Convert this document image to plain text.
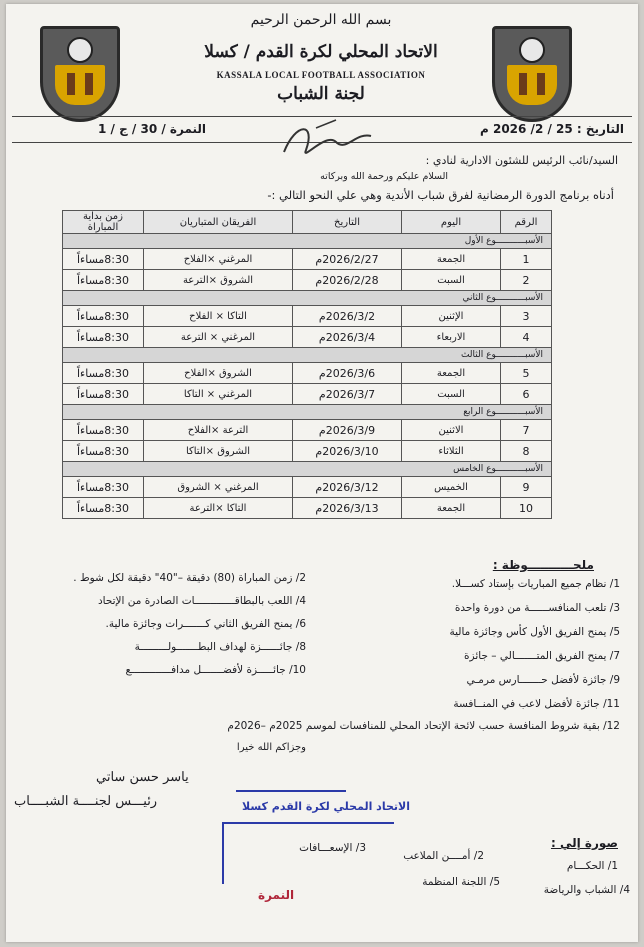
بسم الله الرحمن الرحيم
الاتحاد المحلي لكرة القدم / كسلا
KASSALA LOCAL FOOTBALL ASSOCIATION
لجنة الشباب
التاريخ : 25 / 2/ 2026 م
النمرة / 30 / ج / 1
السيد/نائب الرئيس للشئون الادارية لنادي :
السلام عليكم ورحمة الله وبركاته
أدناه برنامج الدورة الرمضانية لفرق شباب الأندية وهي علي النحو التالي :-
الرقم	اليوم	التاريخ	الفريقان المتباريان	زمن بداية المباراة
الأسبـــــــــــوع الأول				
1	الجمعة	2026/2/27م	المرغني ×الفلاح	8:30مساءاً
2	السبت	2026/2/28م	الشروق ×الترعة	8:30مساءاً
الأسبـــــــــــوع الثاني				
3	الإثنين	2026/3/2م	التاكا × الفلاح	8:30مساءاً
4	الاربعاء	2026/3/4م	المرغني × الترعة	8:30مساءاً
الأسبـــــــــــوع الثالث				
5	الجمعة	2026/3/6م	الشروق ×الفلاح	8:30مساءاً
6	السبت	2026/3/7م	المرغني × التاكا	8:30مساءاً
الأسبـــــــــــوع الرابع				
7	الاثنين	2026/3/9م	الترعة ×الفلاح	8:30مساءاً
8	الثلاثاء	2026/3/10م	الشروق ×التاكا	8:30مساءاً
الأسبـــــــــــوع الخامس				
9	الخميس	2026/3/12م	المرغني × الشروق	8:30مساءاً
10	الجمعة	2026/3/13م	التاكا ×الترعة	8:30مساءاً
ملحـــــــــــوظة :
1/ نظام جميع المباريات بإستاد كســـلا.
3/ تلعب المنافســــــة من دورة واحدة
5/ يمنح الفريق الأول كأس وجائزة مالية
7/ يمنح الفريق المتـــــــالي – جائزة
9/ جائزة لأفضل حـــــــارس مرمـي
11/ جائزة لأفضل لاعب في المنــافسة
2/ زمن المباراة (80) دقيقة –"40" دقيقة لكل شوط .
4/ اللعب بالبطاقـــــــــــــات الصادرة من الإتحاد
6/ يمنح الفريق الثاني كـــــــرات وجائزة مالية.
8/ جائــــــزة لهداف البطـــــــولـــــــــة
10/ جائـــــزة لأفضـــــــل مدافـــــــــــــع
12/ بقية شروط المنافسة حسب لائحة الإتحاد المحلي للمنافسات لموسم 2025م –2026م
وجزاكم الله خيرا
ياسر حسن ساتي
رئيـــس لجنــــة الشبــــاب	الاتحاد المحلي لكرة القدم كسلا
النمرة
صورة إلي :
1/ الحكـــام
2/ أمــــن الملاعب
3/ الإسعـــافات
4/ الشباب والرياضة
5/ اللجنة المنظمة
